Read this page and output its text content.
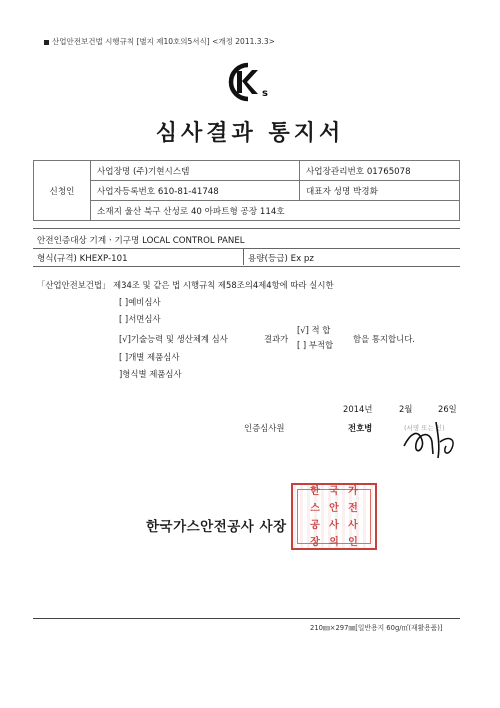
산업안전보건법 시행규칙 [별지 제10호의5서식] <개정 2011.3.3>
s
심사결과 통지서
신청인	사업장명 (주)기현시스템	사업장관리번호 01765078
	사업자등록번호 610-81-41748	대표자 성명 박경화
	소재지 울산 북구 산성로 40 아파트형 공장 114호	
안전인증대상 기계ㆍ기구명 LOCAL CONTROL PANEL
형식(규격) KHEXP-101	용량(등급) Ex pz
「산업안전보건법」 제34조 및 같은 법 시행규칙 제58조의4제4항에 따라 실시한
[ ]예비심사
[ ]서면심사
[√]기술능력 및 생산체계 심사
[ ]개별 제품심사
]형식별 제품심사
결과가
[√] 적 합
[ ] 부적합
함을 통지합니다.
2014년	2월	26일
인증심사원	전호병	(서명 또는 인)
한국가스안전공사 사장
한 국 가
스 안 전
공 사 사
장 의 인
210㎜×297㎜[일반용지 60g/㎡(재활용품)]
